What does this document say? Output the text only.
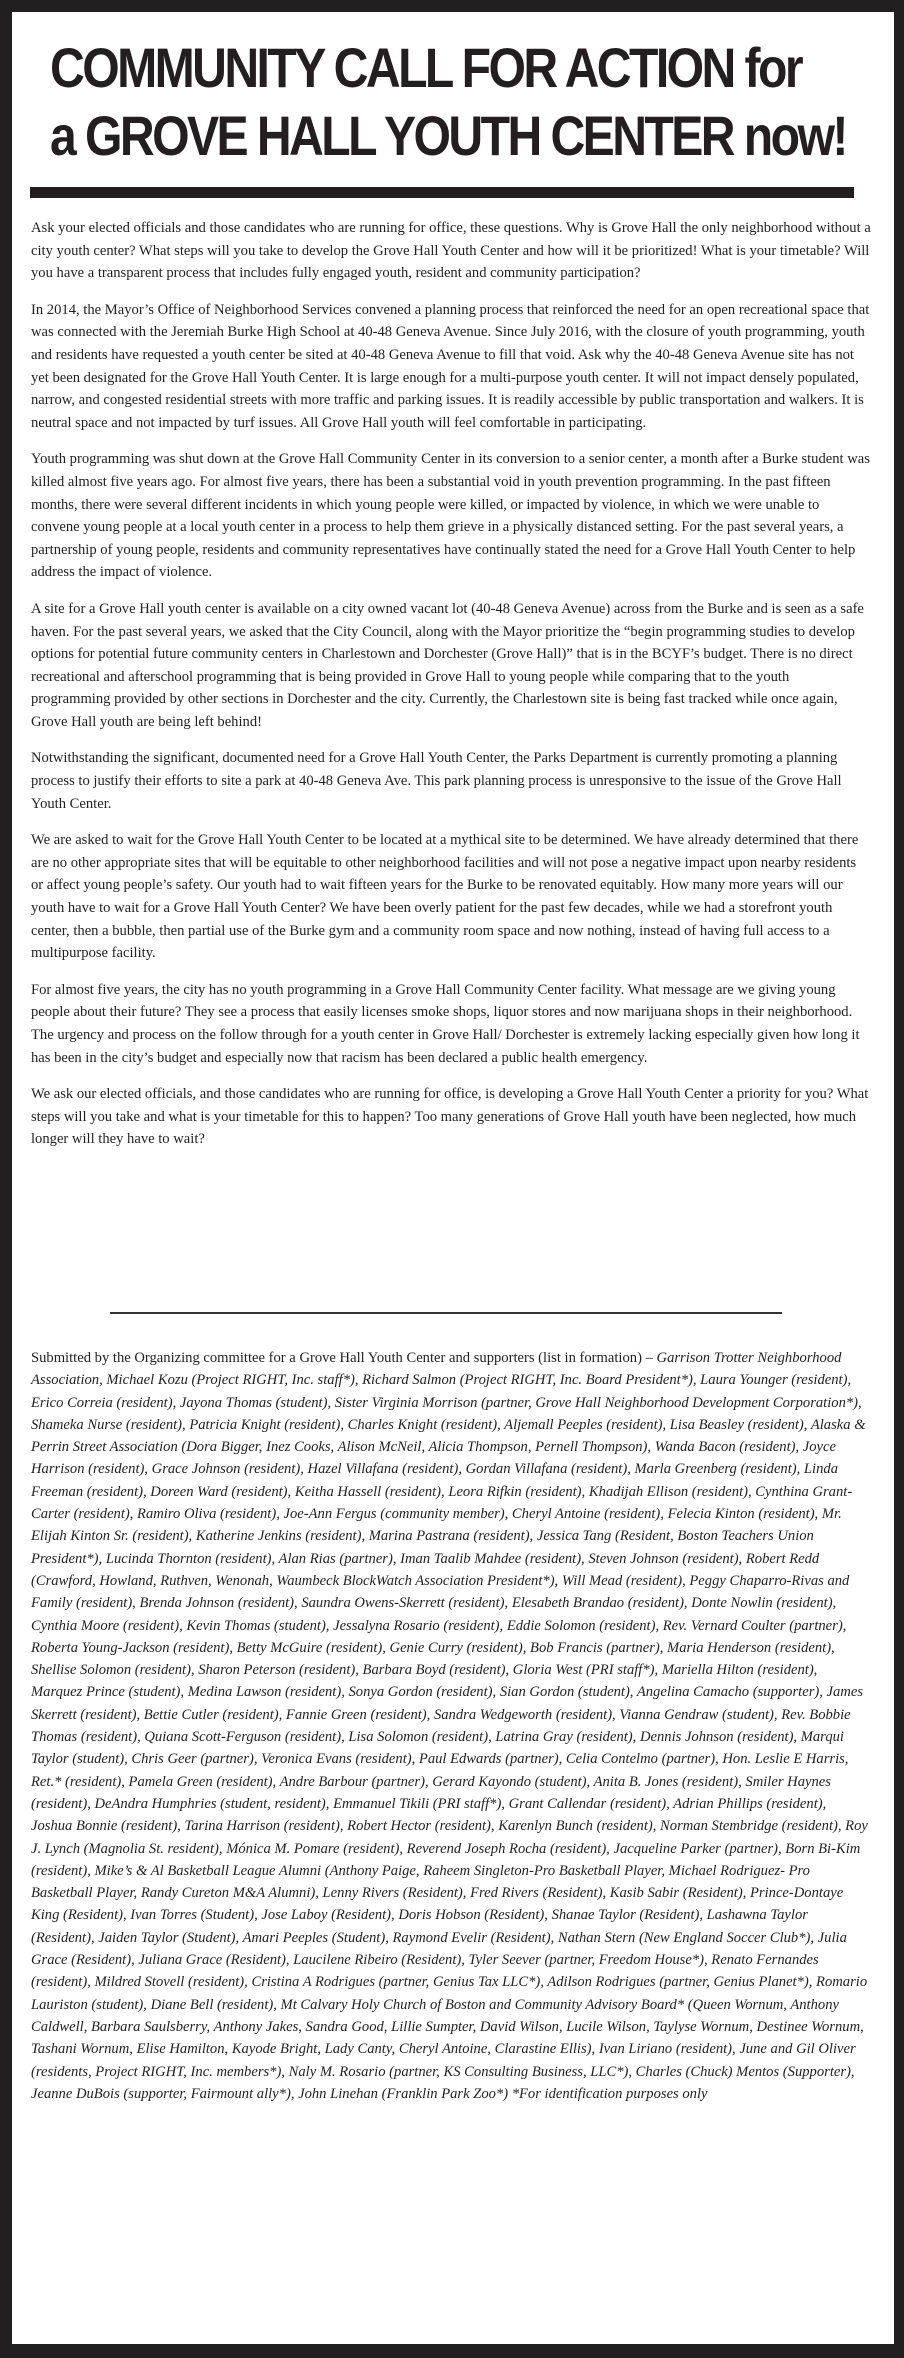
COMMUNITY CALL FOR ACTION for
a GROVE HALL YOUTH CENTER now!

Ask your elected officials and those candidates who are running for office, these questions. Why is Grove Hall the only neighborhood without a city youth center? What steps will you take to develop the Grove Hall Youth Center and how will it be prioritized! What is your timetable? Will you have a transparent process that includes fully engaged youth, resident and community participation?

In 2014, the Mayor’s Office of Neighborhood Services convened a planning process that reinforced the need for an open recreational space that was connected with the Jeremiah Burke High School at 40-48 Geneva Avenue. Since July 2016, with the closure of youth programming, youth and residents have requested a youth center be sited at 40-48 Geneva Avenue to fill that void. Ask why the 40-48 Geneva Avenue site has not yet been designated for the Grove Hall Youth Center. It is large enough for a multi-purpose youth center. It will not impact densely populated, narrow, and congested residential streets with more traffic and parking issues. It is readily accessible by public transportation and walkers. It is neutral space and not impacted by turf issues. All Grove Hall youth will feel comfortable in participating.

Youth programming was shut down at the Grove Hall Community Center in its conversion to a senior center, a month after a Burke student was killed almost five years ago. For almost five years, there has been a substantial void in youth prevention programming. In the past fifteen months, there were several different incidents in which young people were killed, or impacted by violence, in which we were unable to convene young people at a local youth center in a process to help them grieve in a physically distanced setting. For the past several years, a partnership of young people, residents and community representatives have continually stated the need for a Grove Hall Youth Center to help address the impact of violence.

A site for a Grove Hall youth center is available on a city owned vacant lot (40-48 Geneva Avenue) across from the Burke and is seen as a safe haven. For the past several years, we asked that the City Council, along with the Mayor prioritize the “begin programming studies to develop options for potential future community centers in Charlestown and Dorchester (Grove Hall)” that is in the BCYF’s budget. There is no direct recreational and afterschool programming that is being provided in Grove Hall to young people while comparing that to the youth programming provided by other sections in Dorchester and the city. Currently, the Charlestown site is being fast tracked while once again, Grove Hall youth are being left behind!

Notwithstanding the significant, documented need for a Grove Hall Youth Center, the Parks Department is currently promoting a planning process to justify their efforts to site a park at 40-48 Geneva Ave. This park planning process is unresponsive to the issue of the Grove Hall Youth Center.

We are asked to wait for the Grove Hall Youth Center to be located at a mythical site to be determined. We have already determined that there are no other appropriate sites that will be equitable to other neighborhood facilities and will not pose a negative impact upon nearby residents or affect young people’s safety. Our youth had to wait fifteen years for the Burke to be renovated equitably. How many more years will our youth have to wait for a Grove Hall Youth Center? We have been overly patient for the past few decades, while we had a storefront youth center, then a bubble, then partial use of the Burke gym and a community room space and now nothing, instead of having full access to a multipurpose facility.

For almost five years, the city has no youth programming in a Grove Hall Community Center facility. What message are we giving young people about their future? They see a process that easily licenses smoke shops, liquor stores and now marijuana shops in their neighborhood. The urgency and process on the follow through for a youth center in Grove Hall/ Dorchester is extremely lacking especially given how long it has been in the city’s budget and especially now that racism has been declared a public health emergency.

We ask our elected officials, and those candidates who are running for office, is developing a Grove Hall Youth Center a priority for you? What steps will you take and what is your timetable for this to happen? Too many generations of Grove Hall youth have been neglected, how much longer will they have to wait?

Submitted by the Organizing committee for a Grove Hall Youth Center and supporters (list in formation) – Garrison Trotter Neighborhood Association, Michael Kozu (Project RIGHT, Inc. staff*), Richard Salmon (Project RIGHT, Inc. Board President*), Laura Younger (resident), Erico Correia (resident), Jayona Thomas (student), Sister Virginia Morrison (partner, Grove Hall Neighborhood Development Corporation*), Shameka Nurse (resident), Patricia Knight (resident), Charles Knight (resident), Aljemall Peeples (resident), Lisa Beasley (resident), Alaska & Perrin Street Association (Dora Bigger, Inez Cooks, Alison McNeil, Alicia Thompson, Pernell Thompson), Wanda Bacon (resident), Joyce Harrison (resident), Grace Johnson (resident), Hazel Villafana (resident), Gordan Villafana (resident), Marla Greenberg (resident), Linda Freeman (resident), Doreen Ward (resident), Keitha Hassell (resident), Leora Rifkin (resident), Khadijah Ellison (resident), Cynthina Grant-Carter (resident), Ramiro Oliva (resident), Joe-Ann Fergus (community member), Cheryl Antoine (resident), Felecia Kinton (resident), Mr. Elijah Kinton Sr. (resident), Katherine Jenkins (resident), Marina Pastrana (resident), Jessica Tang (Resident, Boston Teachers Union President*), Lucinda Thornton (resident), Alan Rias (partner), Iman Taalib Mahdee (resident), Steven Johnson (resident), Robert Redd (Crawford, Howland, Ruthven, Wenonah, Waumbeck BlockWatch Association President*), Will Mead (resident), Peggy Chaparro-Rivas and Family (resident), Brenda Johnson (resident), Saundra Owens-Skerrett (resident), Elesabeth Brandao (resident), Donte Nowlin (resident), Cynthia Moore (resident), Kevin Thomas (student), Jessalyna Rosario (resident), Eddie Solomon (resident), Rev. Vernard Coulter (partner), Roberta Young-Jackson (resident), Betty McGuire (resident), Genie Curry (resident), Bob Francis (partner), Maria Henderson (resident), Shellise Solomon (resident), Sharon Peterson (resident), Barbara Boyd (resident), Gloria West (PRI staff*), Mariella Hilton (resident), Marquez Prince (student), Medina Lawson (resident), Sonya Gordon (resident), Sian Gordon (student), Angelina Camacho (supporter), James Skerrett (resident), Bettie Cutler (resident), Fannie Green (resident), Sandra Wedgeworth (resident), Vianna Gendraw (student), Rev. Bobbie Thomas (resident), Quiana Scott-Ferguson (resident), Lisa Solomon (resident), Latrina Gray (resident), Dennis Johnson (resident), Marqui Taylor (student), Chris Geer (partner), Veronica Evans (resident), Paul Edwards (partner), Celia Contelmo (partner), Hon. Leslie E Harris, Ret.* (resident), Pamela Green (resident), Andre Barbour (partner), Gerard Kayondo (student), Anita B. Jones (resident), Smiler Haynes (resident), DeAndra Humphries (student, resident), Emmanuel Tikili (PRI staff*), Grant Callendar (resident), Adrian Phillips (resident), Joshua Bonnie (resident), Tarina Harrison (resident), Robert Hector (resident), Karenlyn Bunch (resident), Norman Stembridge (resident), Roy J. Lynch (Magnolia St. resident), Mónica M. Pomare (resident), Reverend Joseph Rocha (resident), Jacqueline Parker (partner), Born Bi-Kim (resident), Mike’s & Al Basketball League Alumni (Anthony Paige, Raheem Singleton-Pro Basketball Player, Michael Rodriguez- Pro Basketball Player, Randy Cureton M&A Alumni), Lenny Rivers (Resident), Fred Rivers (Resident), Kasib Sabir (Resident), Prince-Dontaye King (Resident), Ivan Torres (Student), Jose Laboy (Resident), Doris Hobson (Resident), Shanae Taylor (Resident), Lashawna Taylor (Resident), Jaiden Taylor (Student), Amari Peeples (Student), Raymond Evelir (Resident), Nathan Stern (New England Soccer Club*), Julia Grace (Resident), Juliana Grace (Resident), Laucilene Ribeiro (Resident), Tyler Seever (partner, Freedom House*), Renato Fernandes (resident), Mildred Stovell (resident), Cristina A Rodrigues (partner, Genius Tax LLC*), Adilson Rodrigues (partner, Genius Planet*), Romario Lauriston (student), Diane Bell (resident), Mt Calvary Holy Church of Boston and Community Advisory Board* (Queen Wornum, Anthony Caldwell, Barbara Saulsberry, Anthony Jakes, Sandra Good, Lillie Sumpter, David Wilson, Lucile Wilson, Taylyse Wornum, Destinee Wornum, Tashani Wornum, Elise Hamilton, Kayode Bright, Lady Canty, Cheryl Antoine, Clarastine Ellis), Ivan Liriano (resident), June and Gil Oliver (residents, Project RIGHT, Inc. members*), Naly M. Rosario (partner, KS Consulting Business, LLC*), Charles (Chuck) Mentos (Supporter), Jeanne DuBois (supporter, Fairmount ally*), John Linehan (Franklin Park Zoo*) *For identification purposes only
